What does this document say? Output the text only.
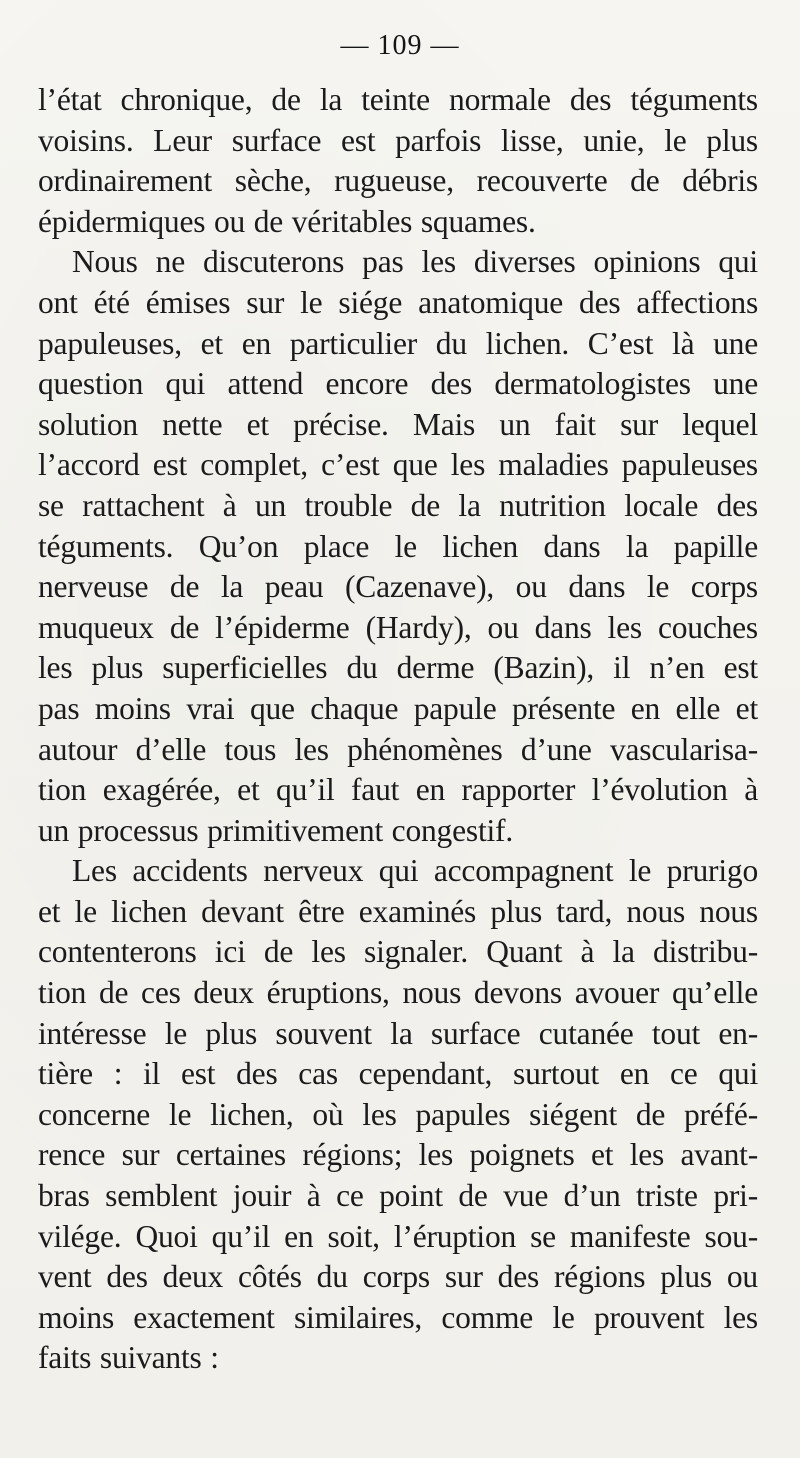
— 109 —
l’état chronique, de la teinte normale des téguments
voisins. Leur surface est parfois lisse, unie, le plus
ordinairement sèche, rugueuse, recouverte de débris
épidermiques ou de véritables squames.
Nous ne discuterons pas les diverses opinions qui
ont été émises sur le siége anatomique des affections
papuleuses, et en particulier du lichen. C’est là une
question qui attend encore des dermatologistes une
solution nette et précise. Mais un fait sur lequel
l’accord est complet, c’est que les maladies papuleuses
se rattachent à un trouble de la nutrition locale des
téguments. Qu’on place le lichen dans la papille
nerveuse de la peau (Cazenave), ou dans le corps
muqueux de l’épiderme (Hardy), ou dans les couches
les plus superficielles du derme (Bazin), il n’en est
pas moins vrai que chaque papule présente en elle et
autour d’elle tous les phénomènes d’une vascularisa-
tion exagérée, et qu’il faut en rapporter l’évolution à
un processus primitivement congestif.
Les accidents nerveux qui accompagnent le prurigo
et le lichen devant être examinés plus tard, nous nous
contenterons ici de les signaler. Quant à la distribu-
tion de ces deux éruptions, nous devons avouer qu’elle
intéresse le plus souvent la surface cutanée tout en-
tière : il est des cas cependant, surtout en ce qui
concerne le lichen, où les papules siégent de préfé-
rence sur certaines régions; les poignets et les avant-
bras semblent jouir à ce point de vue d’un triste pri-
vilége. Quoi qu’il en soit, l’éruption se manifeste sou-
vent des deux côtés du corps sur des régions plus ou
moins exactement similaires, comme le prouvent les
faits suivants :
